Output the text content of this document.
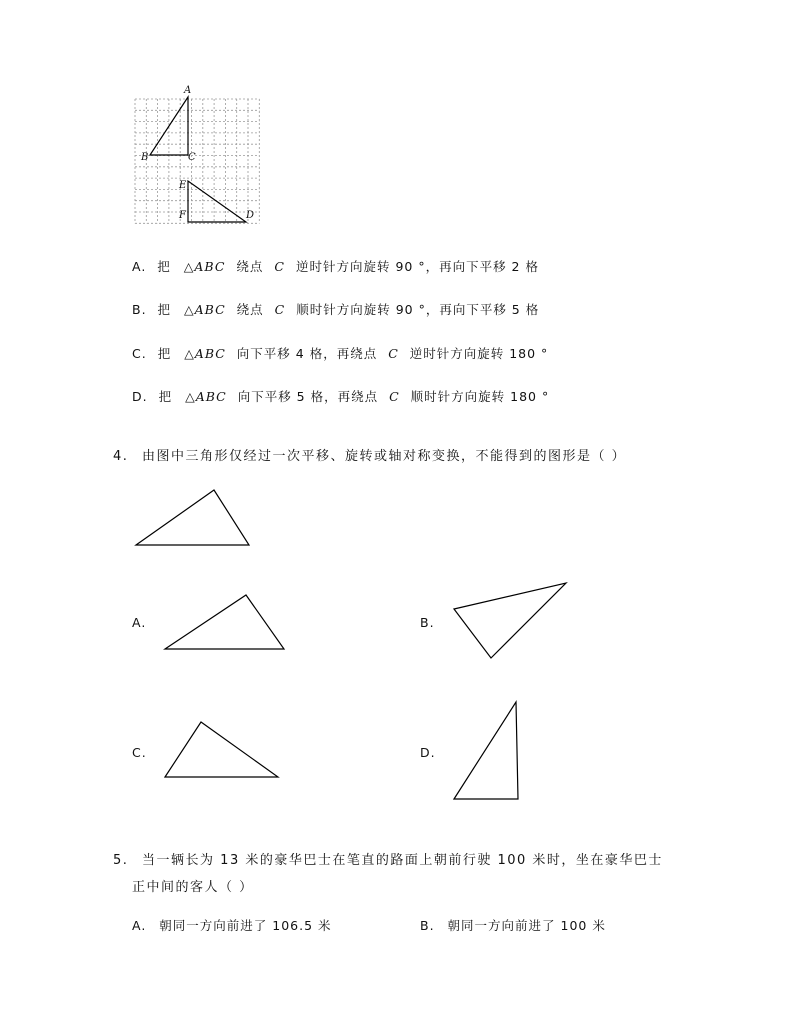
A
B	C
E
F	D
A. 把 △ABC 绕点 C 逆时针方向旋转 90 °，再向下平移 2 格
B. 把 △ABC 绕点 C 顺时针方向旋转 90 °，再向下平移 5 格
C. 把 △ABC 向下平移 4 格，再绕点 C 逆时针方向旋转 180 °
D. 把 △ABC 向下平移 5 格，再绕点 C 顺时针方向旋转 180 °
4. 由图中三角形仅经过一次平移、旋转或轴对称变换，不能得到的图形是（ ）
A.	B.
C.	D.
5. 当一辆长为 13 米的豪华巴士在笔直的路面上朝前行驶 100 米时，坐在豪华巴士
正中间的客人（ ）
A. 朝同一方向前进了 106.5 米	B. 朝同一方向前进了 100 米
